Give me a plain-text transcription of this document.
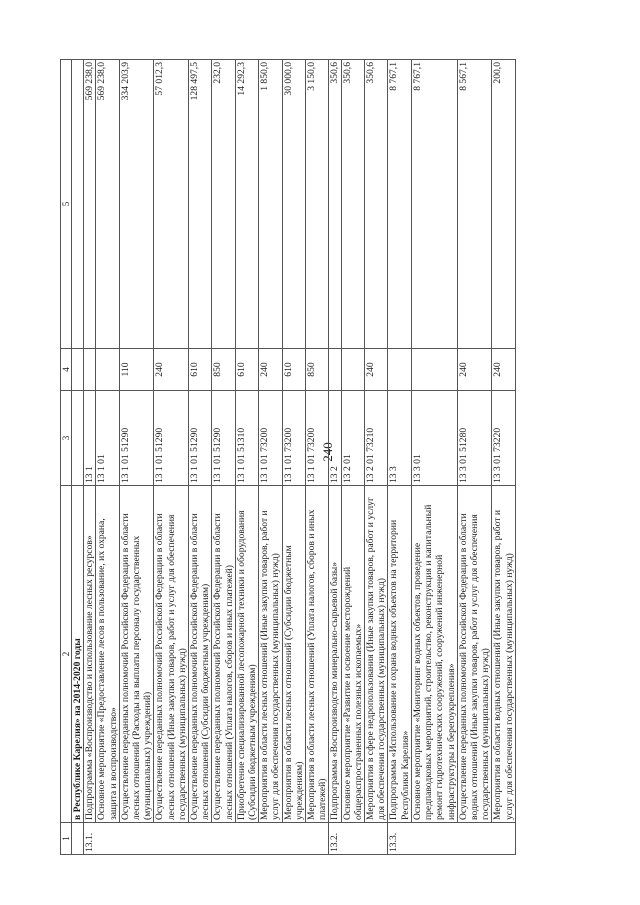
240
1	2	3	4	5
	в Республике Карелия» на 2014-2020 годы			
13.1.	Подпрограмма «Воспроизводство и использование лесных ресурсов»	13 1		569 238,0
	Основное мероприятие «Предоставление лесов в пользование, их охрана, защита и воспроизводство»	13 1 01		569 238,0
	Осуществление переданных полномочий Российской Федерации в области лесных отношений (Расходы на выплаты персоналу государственных (муниципальных) учреждений)	13 1 01 51290	110	334 203,9
	Осуществление переданных полномочий Российской Федерации в области лесных отношений (Иные закупки товаров, работ и услуг для обеспечения государственных (муниципальных) нужд)	13 1 01 51290	240	57 012,3
	Осуществление переданных полномочий Российской Федерации в области лесных отношений (Субсидии бюджетным учреждениям)	13 1 01 51290	610	128 497,5
	Осуществление переданных полномочий Российской Федерации в области лесных отношений (Уплата налогов, сборов и иных платежей)	13 1 01 51290	850	232,0
	Приобретение специализированной лесопожарной техники и оборудования (Субсидии бюджетным учреждениям)	13 1 01 51310	610	14 292,3
	Мероприятия в области лесных отношений (Иные закупки товаров, работ и услуг для обеспечения государственных (муниципальных) нужд)	13 1 01 73200	240	1 850,0
	Мероприятия в области лесных отношений (Субсидии бюджетным учреждениям)	13 1 01 73200	610	30 000,0
	Мероприятия в области лесных отношений (Уплата налогов, сборов и иных платежей)	13 1 01 73200	850	3 150,0
13.2.	Подпрограмма «Воспроизводство минерально-сырьевой базы»	13 2		350,6
	Основное мероприятие «Развитие и освоение месторождений общераспространенных полезных ископаемых»	13 2 01		350,6
	Мероприятия в сфере недропользования (Иные закупки товаров, работ и услуг для обеспечения государственных (муниципальных) нужд)	13 2 01 73210	240	350,6
13.3.	Подпрограмма «Использование и охрана водных объектов на территории Республики Карелия»	13 3		8 767,1
	Основное мероприятие «Мониторинг водных объектов, проведение предпаводковых мероприятий, строительство, реконструкция и капитальный ремонт гидротехнических сооружений, сооружений инженерной инфраструктуры и берегоукрепления»	13 3 01		8 767,1
	Осуществление переданных полномочий Российской Федерации в области водных отношений (Иные закупки товаров, работ и услуг для обеспечения государственных (муниципальных) нужд)	13 3 01 51280	240	8 567,1
	Мероприятия в области водных отношений (Иные закупки товаров, работ и услуг для обеспечения государственных (муниципальных) нужд)	13 3 01 73220	240	200,0
